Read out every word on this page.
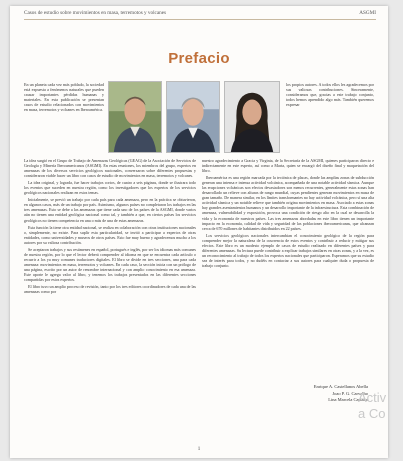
Casos de estudio sobre movimientos en masa, terremotos y volcanes	ASGMI
Prefacio

En un planeta cada vez más poblado, la sociedad está expuesta a fenómenos naturales que pueden causar importantes pérdidas humanas y materiales. En esta publicación se presentan casos de estudio relacionados con movimientos en masa, terremotos y volcanes en Iberoamérica.

La idea surgió en el Grupo de Trabajo de Amenazas Geológicas (GEAG) de la Asociación de Servicios de Geología y Minería Iberoamericanos (ASGMI). En estas reuniones, los miembros del grupo, expertos en amenazas de los diversos servicios geológicos nacionales, conversaron sobre diferentes propuestas y consideraron viable hacer un libro con casos de estudio de movimientos en masa, terremotos y volcanes.

La idea original, y lograda, fue hacer trabajos cortos, de cuatro a seis páginas, donde se ilustrara todo los eventos que suceden en nuestra región, como los investigadores que los expertos de los servicios geológicos nacionales realizan en estos temas.

Inicialmente, se previó un trabajo por cada país para cada amenaza, pero en la práctica se obtuvieron, en algunos casos, más de un trabajo por país. Asimismo, algunos países no completaron los trabajos en las tres amenazas. Esto se debe a las amenazas que tiene cada uno de los países de la ASGMI, donde varios aún no tienen una entidad geológica nacional como tal, y también a que, en ciertos países los servicios geológicos no tienen competencia en una o más de una de estas amenazas.

Esta función la tiene otra entidad nacional, se realiza en colaboración con otras instituciones nacionales o, simplemente, no existe. Para suplir esta particularidad, se invitó a participar a expertos de otras entidades, como universidades y museos de otros países. Esto fue muy bueno y agradecemos mucho a los autores por su valiosa contribución.

Se aceptaron trabajos y sus resúmenes en español, portugués e inglés, por ser los idiomas más comunes de nuestra región, por lo que el lector deberá comprender al idioma en que se encuentra cada artículo o recurrir a los ya muy comunes traductores digitales. El libro se divide en tres secciones, una para cada amenaza: movimientos en masa, terremotos y volcanes. En cada caso, la sección inicia con un prólogo de una página, escrito por un autor de renombre internacional y con amplio conocimiento en esa amenaza. Este aporte le agrega valor al libro, y tenemos los trabajos presentados en las diferentes secciones compartidas por estos expertos.

El libro tuvo un amplio proceso de revisión, tanto por los tres editores coordinadores de cada una de las amenazas como por

los propios autores. A todos ellos les agradecemos por sus valiosas contribuciones. Sinceramente, consideramos que, gracias a este trabajo conjunto, todos hemos aprendido algo más. También queremos expresar

nuestro agradecimiento a Gracia y Virginia, de la Secretaría de la ASGMI, quienes participaron directo e indirectamente en este esperto, así como a Marta, quien se encargó del diseño final y maquetación del libro.

Iberoamérica es una región marcada por la tectónica de placas, donde las amplias zonas de subducción generan una intensa e intensa actividad volcánica, acompañada de una notable actividad sísmica. Aunque las erupciones volcánicas son efectos devastadores son menos recurrentes, generalmente estas zonas han desarrollado un relieve con alturas de rango mundial, cuyas pendientes generan movimientos en masa de gran tamaño. De manera similar, en los límites transformantes no hay actividad volcánica, pero sí una alta actividad sísmica y un notable relieve que también origina movimientos en masa. Asociado a estas zonas hay grandes asentamientos humanos y un desarrollo importante de la infraestructura. Esta combinación de amenaza, vulnerabilidad y exposición, provoca una condición de riesgo alto en la cual se desarrolla la vida y la economía de nuestros países. Las tres amenazas abordadas en este libro tienen un importante impacto en la economía, calidad de vida y seguridad de las poblaciones iberoamericanas, que alcanzan cerca de 670 millones de habitantes distribuidos en 22 países.

Los servicios geológicos nacionales intercambian el conocimiento geológico de la región para comprender mejor la naturaleza de la ocurrencia de estos eventos y contribuir a reducir y mitigar sus efectos. Este libro es un modesto ejemplo de casos de estudio realizado en diferentes países y para diferentes amenazas. Su lectura puede contribuir a explicar trabajos similares en otras zonas, y a la vez, es un reconocimiento al trabajo de todos los expertos nacionales que participaron. Esperamos que su estudio sea de interés para todos, y no dudéis en contactar a sus autores para cualquier duda o propuesta de trabajo conjunto.

Enrique A. Castellanos Abella
Joao P. G. Carvalho
Lina Marcela Castaño
1
Activ
a Co
